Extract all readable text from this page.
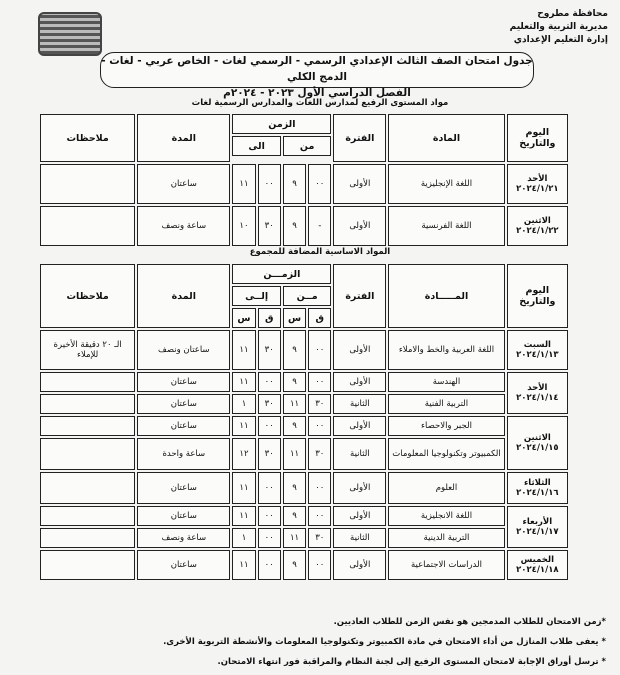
محافظة مطروح
مديرية التربية والتعليم
إدارة التعليم الإعدادي
جدول امتحان الصف الثالث الإعدادي الرسمي - الرسمي لغات - الخاص عربي - لغات - الدمج الكلي
الفصل الدراسي الأول ٢٠٢٣ - ٢٠٢٤م
مواد المستوى الرفيع لمدارس اللغات والمدارس الرسمية لغات
اليوم والتاريخ	المادة	الفترة	الزمن				المدة	ملاحظات
			من		الى			

الأحد
٢٠٢٤/١/٢١	اللغة الإنجليزية	الأولى	٠٠	٩	٠٠	١١	ساعتان	

الاثنين
٢٠٢٤/١/٢٢	اللغة الفرنسية	الأولى	-	٩	٣٠	١٠	ساعة ونصف	
المواد الاساسية المضافة للمجموع
اليوم والتاريخ	المـــــادة	الفترة	الزمـــن				المدة	ملاحظات
			مــن		إلــى			
			ق	س	ق	س		

السبت
٢٠٢٤/١/١٣	اللغة العربية والخط والاملاء	الأولى	٠٠	٩	٣٠	١١	ساعتان ونصف	الـ ٢٠ دقيقة الأخيرة للإملاء

الأحد
٢٠٢٤/١/١٤	الهندسة	الأولى	٠٠	٩	٠٠	١١	ساعتان	
	التربية الفنية	الثانية	٣٠	١١	٣٠	١	ساعتان	

الاثنين
٢٠٢٤/١/١٥	الجبر والاحصاء	الأولى	٠٠	٩	٠٠	١١	ساعتان	
	الكمبيوتر وتكنولوجيا المعلومات	الثانية	٣٠	١١	٣٠	١٢	ساعة واحدة	

الثلاثاء
٢٠٢٤/١/١٦	العلوم	الأولى	٠٠	٩	٠٠	١١	ساعتان	

الأربعاء
٢٠٢٤/١/١٧	اللغة الانجليزية	الأولى	٠٠	٩	٠٠	١١	ساعتان	
	التربية الدينية	الثانية	٣٠	١١	٠٠	١	ساعة ونصف	

الخميس
٢٠٢٤/١/١٨	الدراسات الاجتماعية	الأولى	٠٠	٩	٠٠	١١	ساعتان	
*زمن الامتحان للطلاب المدمجين هو نفس الزمن للطلاب العاديين.
* يعفى طلاب المنازل من أداء الامتحان في مادة الكمبيوتر وتكنولوجيا المعلومات والأنشطة التربوية الأخرى.
* ترسل أوراق الإجابة لامتحان المستوى الرفيع إلى لجنة النظام والمراقبة فور انتهاء الامتحان.
